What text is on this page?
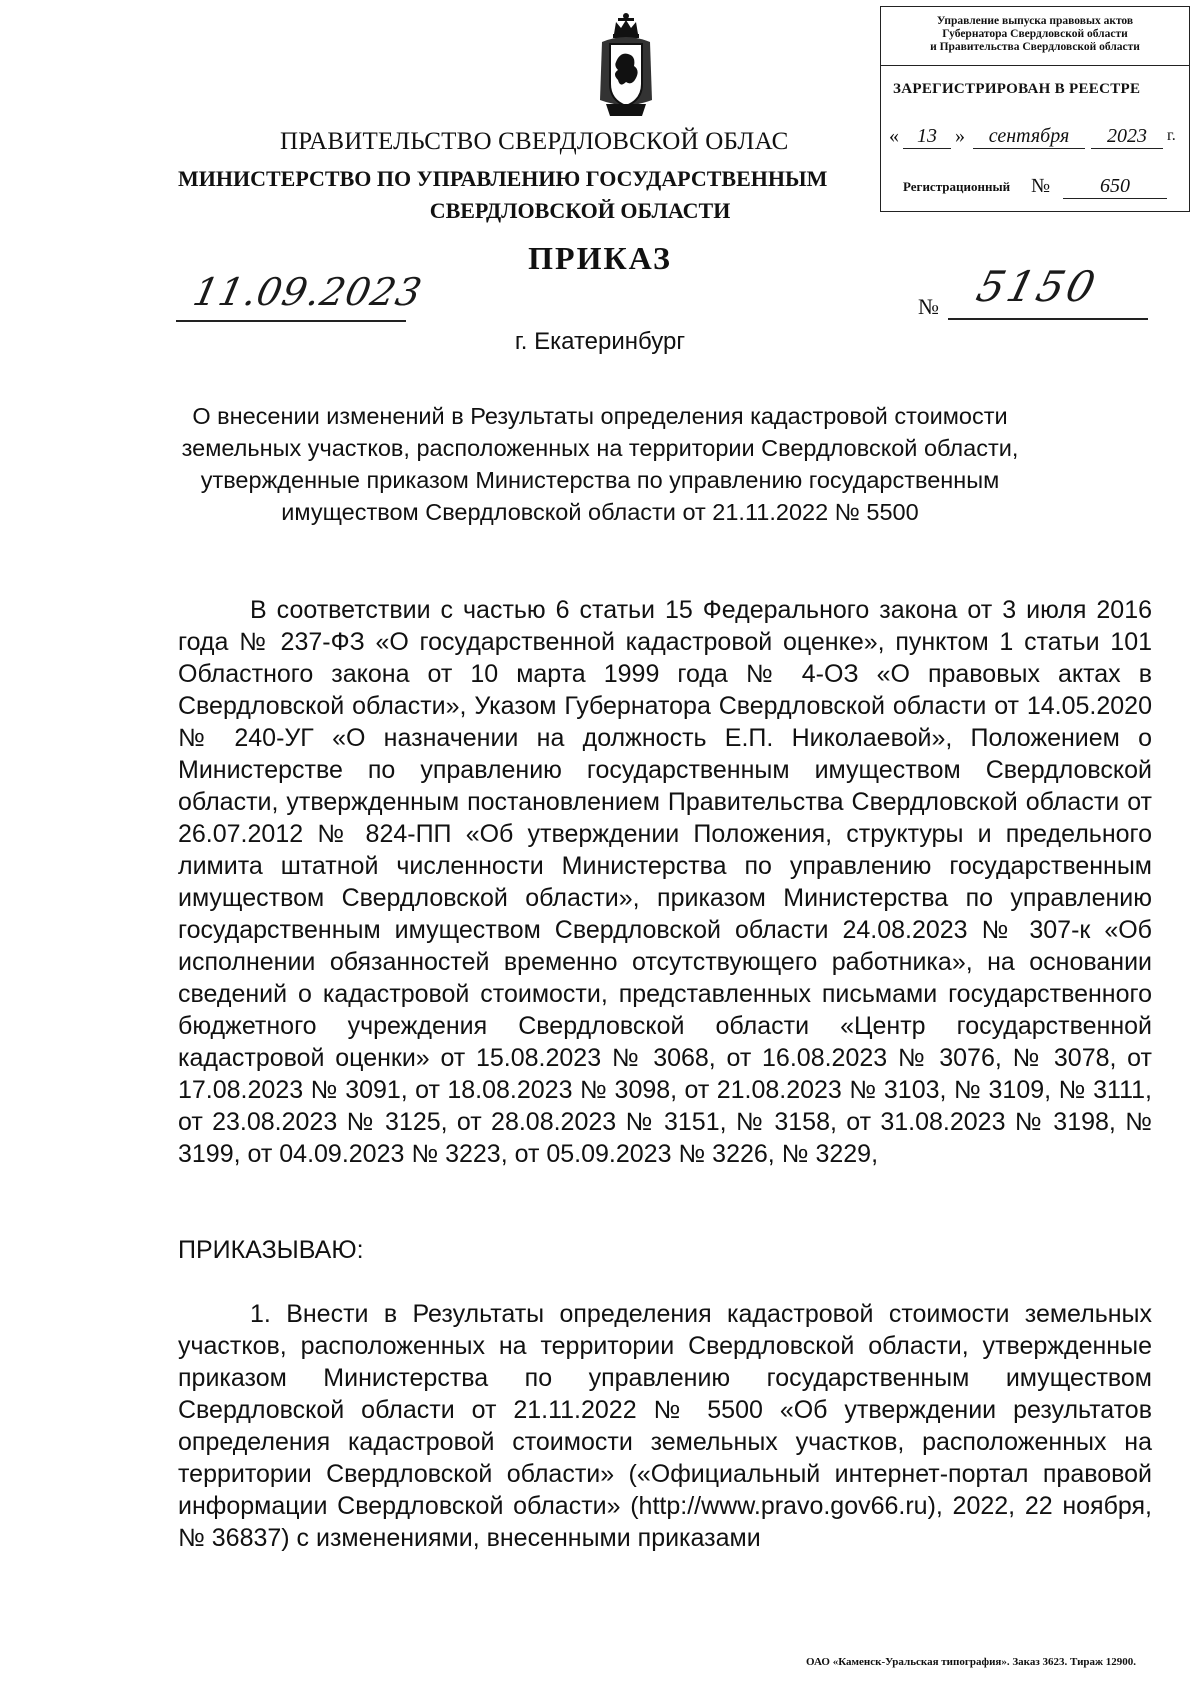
Управление выпуска правовых актов
Губернатора Свердловской области
и Правительства Свердловской области
ЗАРЕГИСТРИРОВАН В РЕЕСТРЕ
« 13 »	сентября	2023	г.
Регистрационный №	650
ПРАВИТЕЛЬСТВО СВЕРДЛОВСКОЙ ОБЛАС
МИНИСТЕРСТВО ПО УПРАВЛЕНИЮ ГОСУДАРСТВЕННЫМ
СВЕРДЛОВСКОЙ ОБЛАСТИ
ПРИКАЗ
11.09.2023	№ 5150
г. Екатеринбург
О внесении изменений в Результаты определения кадастровой стоимости
земельных участков, расположенных на территории Свердловской области,
утвержденные приказом Министерства по управлению государственным
имуществом Свердловской области от 21.11.2022 № 5500
В соответствии с частью 6 статьи 15 Федерального закона от 3 июля 2016 года № 237-ФЗ «О государственной кадастровой оценке», пунктом 1 статьи 101 Областного закона от 10 марта 1999 года № 4-ОЗ «О правовых актах в Свердловской области», Указом Губернатора Свердловской области от 14.05.2020 № 240-УГ «О назначении на должность Е.П. Николаевой», Положением о Министерстве по управлению государственным имуществом Свердловской области, утвержденным постановлением Правительства Свердловской области от 26.07.2012 № 824-ПП «Об утверждении Положения, структуры и предельного лимита штатной численности Министерства по управлению государственным имуществом Свердловской области», приказом Министерства по управлению государственным имуществом Свердловской области 24.08.2023 № 307-к «Об исполнении обязанностей временно отсутствующего работника», на основании сведений о кадастровой стоимости, представленных письмами государственного бюджетного учреждения Свердловской области «Центр государственной кадастровой оценки» от 15.08.2023 № 3068, от 16.08.2023 № 3076, № 3078, от 17.08.2023 № 3091, от 18.08.2023 № 3098, от 21.08.2023 № 3103, № 3109, № 3111, от 23.08.2023 № 3125, от 28.08.2023 № 3151, № 3158, от 31.08.2023 № 3198, № 3199, от 04.09.2023 № 3223, от 05.09.2023 № 3226, № 3229,
ПРИКАЗЫВАЮ:
1. Внести в Результаты определения кадастровой стоимости земельных участков, расположенных на территории Свердловской области, утвержденные приказом Министерства по управлению государственным имуществом Свердловской области от 21.11.2022 № 5500 «Об утверждении результатов определения кадастровой стоимости земельных участков, расположенных на территории Свердловской области» («Официальный интернет-портал правовой информации Свердловской области» (http://www.pravo.gov66.ru), 2022, 22 ноября, № 36837) с изменениями, внесенными приказами
ОАО «Каменск-Уральская типография». Заказ 3623. Тираж 12900.
